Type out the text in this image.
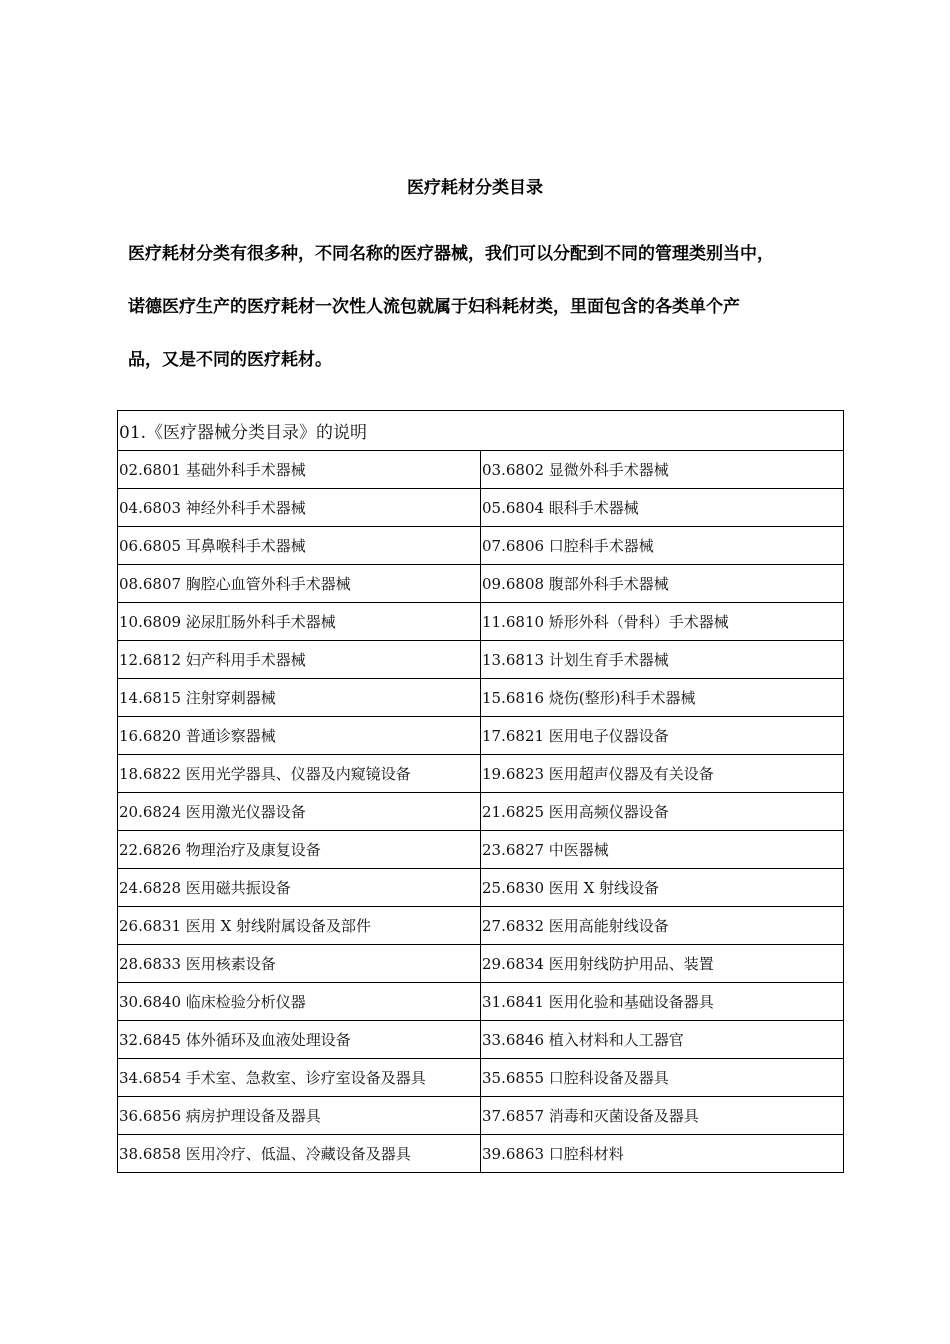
医疗耗材分类目录
医疗耗材分类有很多种，不同名称的医疗器械，我们可以分配到不同的管理类别当中，
诺德医疗生产的医疗耗材一次性人流包就属于妇科耗材类，里面包含的各类单个产
品，又是不同的医疗耗材。
01.《医疗器械分类目录》的说明	
02.6801 基础外科手术器械	03.6802 显微外科手术器械
04.6803 神经外科手术器械	05.6804 眼科手术器械
06.6805 耳鼻喉科手术器械	07.6806 口腔科手术器械
08.6807 胸腔心血管外科手术器械	09.6808 腹部外科手术器械
10.6809 泌尿肛肠外科手术器械	11.6810 矫形外科（骨科）手术器械
12.6812 妇产科用手术器械	13.6813 计划生育手术器械
14.6815 注射穿刺器械	15.6816 烧伤(整形)科手术器械
16.6820 普通诊察器械	17.6821 医用电子仪器设备
18.6822 医用光学器具、仪器及内窥镜设备	19.6823 医用超声仪器及有关设备
20.6824 医用激光仪器设备	21.6825 医用高频仪器设备
22.6826 物理治疗及康复设备	23.6827 中医器械
24.6828 医用磁共振设备	25.6830 医用 X 射线设备
26.6831 医用 X 射线附属设备及部件	27.6832 医用高能射线设备
28.6833 医用核素设备	29.6834 医用射线防护用品、装置
30.6840 临床检验分析仪器	31.6841 医用化验和基础设备器具
32.6845 体外循环及血液处理设备	33.6846 植入材料和人工器官
34.6854 手术室、急救室、诊疗室设备及器具	35.6855 口腔科设备及器具
36.6856 病房护理设备及器具	37.6857 消毒和灭菌设备及器具
38.6858 医用冷疗、低温、冷藏设备及器具	39.6863 口腔科材料
